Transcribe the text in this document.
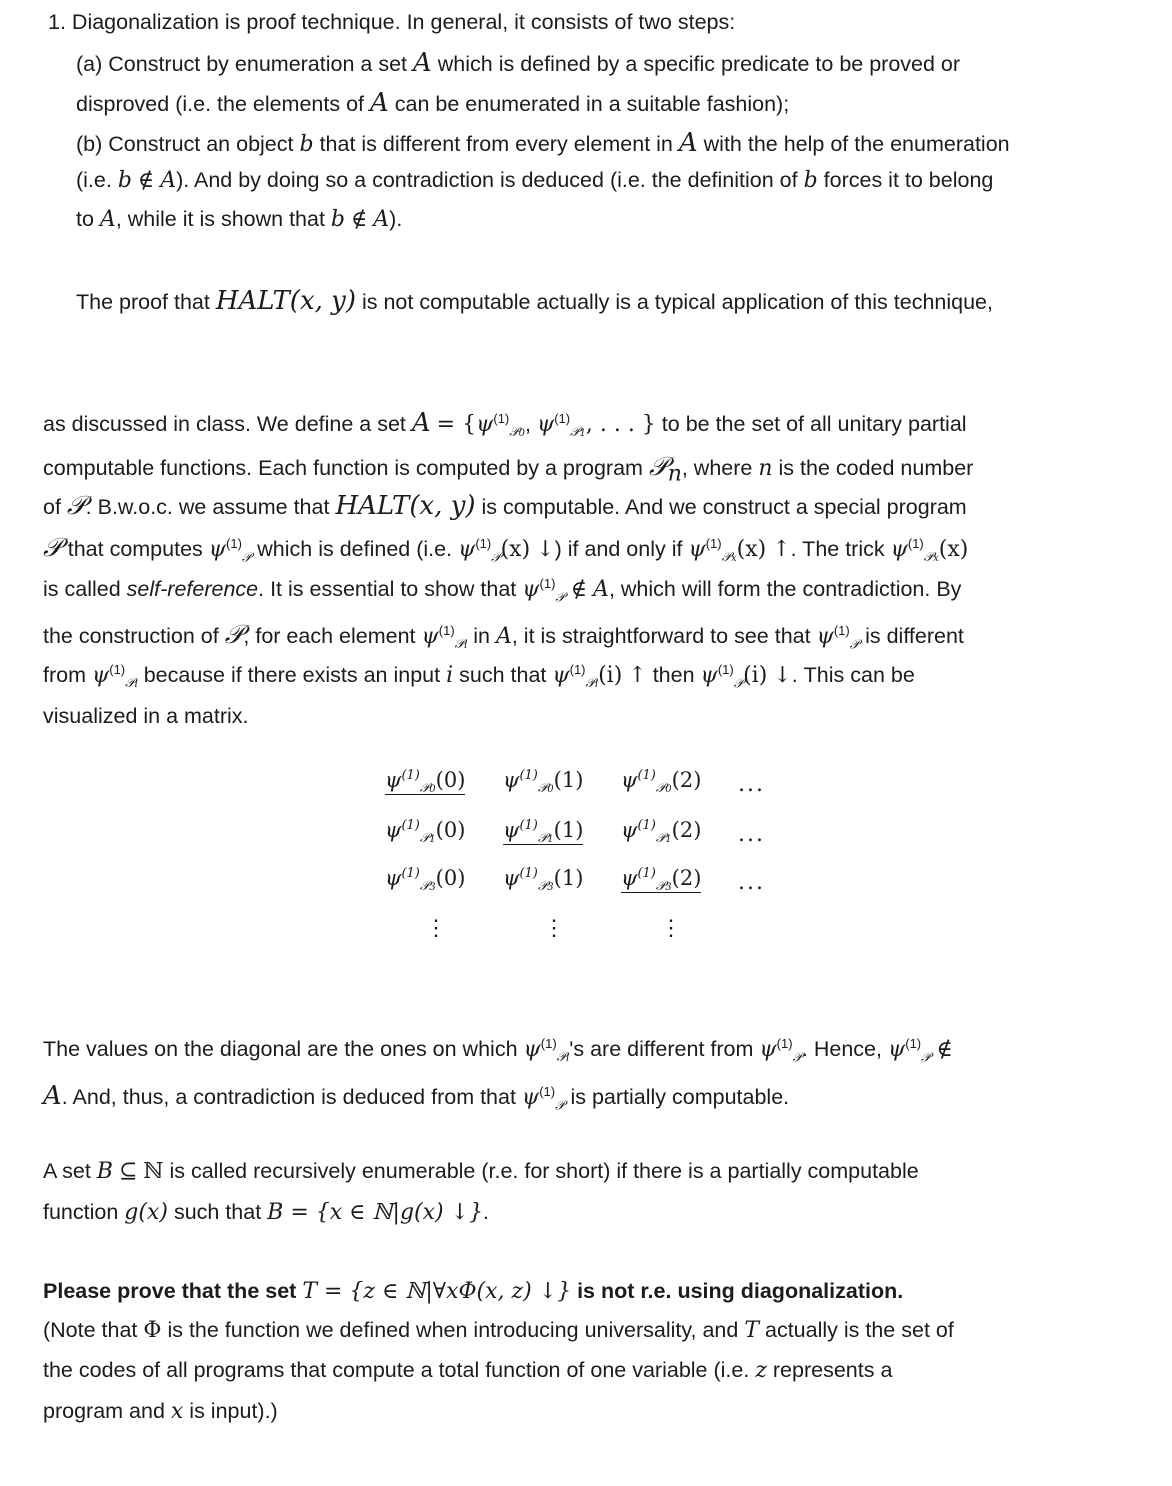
1. Diagonalization is proof technique. In general, it consists of two steps:
(a) Construct by enumeration a set A which is defined by a specific predicate to be proved or
disproved (i.e. the elements of A can be enumerated in a suitable fashion);
(b) Construct an object b that is different from every element in A with the help of the enumeration
(i.e. b ∉ A). And by doing so a contradiction is deduced (i.e. the definition of b forces it to belong
to A, while it is shown that b ∉ A).
The proof that HALT(x, y) is not computable actually is a typical application of this technique,
as discussed in class. We define a set $A = \{\psi^{(1)}_{𝒫0}$, $\psi^{(1)}_{𝒫1}$, . . . } to be the set of all unitary partial
computable functions. Each function is computed by a program 𝒫$_n$, where n is the coded number
of 𝒫. B.w.o.c. we assume that HALT(x, y) is computable. And we construct a special program
𝒫 that computes $\psi^{(1)}_𝒫$ which is defined (i.e. $\psi^{(1)}_𝒫(x)$ ↓) if and only if $\psi^{(1)}_{𝒫x}(x)$ ↑. The trick $\psi^{(1)}_{𝒫x}(x)$
is called self-reference. It is essential to show that $\psi^{(1)}_𝒫$ ∉ A, which will form the contradiction. By
the construction of 𝒫, for each element $\psi^{(1)}_{𝒫i}$ in A, it is straightforward to see that $\psi^{(1)}_𝒫$ is different
from $\psi^{(1)}_{𝒫i}$ because if there exists an input i such that $\psi^{(1)}_{𝒫i}(i)$ ↑ then $\psi^{(1)}_𝒫(i)$ ↓. This can be
visualized in a matrix.
$\psi^{(1)}_{𝒫0}(0)$ $\psi^{(1)}_{𝒫0}(1)$ $\psi^{(1)}_{𝒫0}(2)$ ...
$\psi^{(1)}_{𝒫1}(0)$ $\psi^{(1)}_{𝒫1}(1)$ $\psi^{(1)}_{𝒫1}(2)$ ...
$\psi^{(1)}_{𝒫3}(0)$ $\psi^{(1)}_{𝒫3}(1)$ $\psi^{(1)}_{𝒫3}(2)$ ...
⋮	⋮	⋮
The values on the diagonal are the ones on which $\psi^{(1)}_{𝒫i}'s$ are different from $\psi^{(1)}_𝒫$. Hence, $\psi^{(1)}_𝒫$ ∉
A. And, thus, a contradiction is deduced from that $\psi^{(1)}_𝒫$ is partially computable.
A set B ⊆ ℕ is called recursively enumerable (r.e. for short) if there is a partially computable
function g(x) such that B = {x ∈ ℕ|g(x) ↓}.
Please prove that the set T = {z ∈ ℕ|∀xΦ(x, z) ↓} is not r.e. using diagonalization.
(Note that Φ is the function we defined when introducing universality, and T actually is the set of
the codes of all programs that compute a total function of one variable (i.e. z represents a
program and x is input).)
